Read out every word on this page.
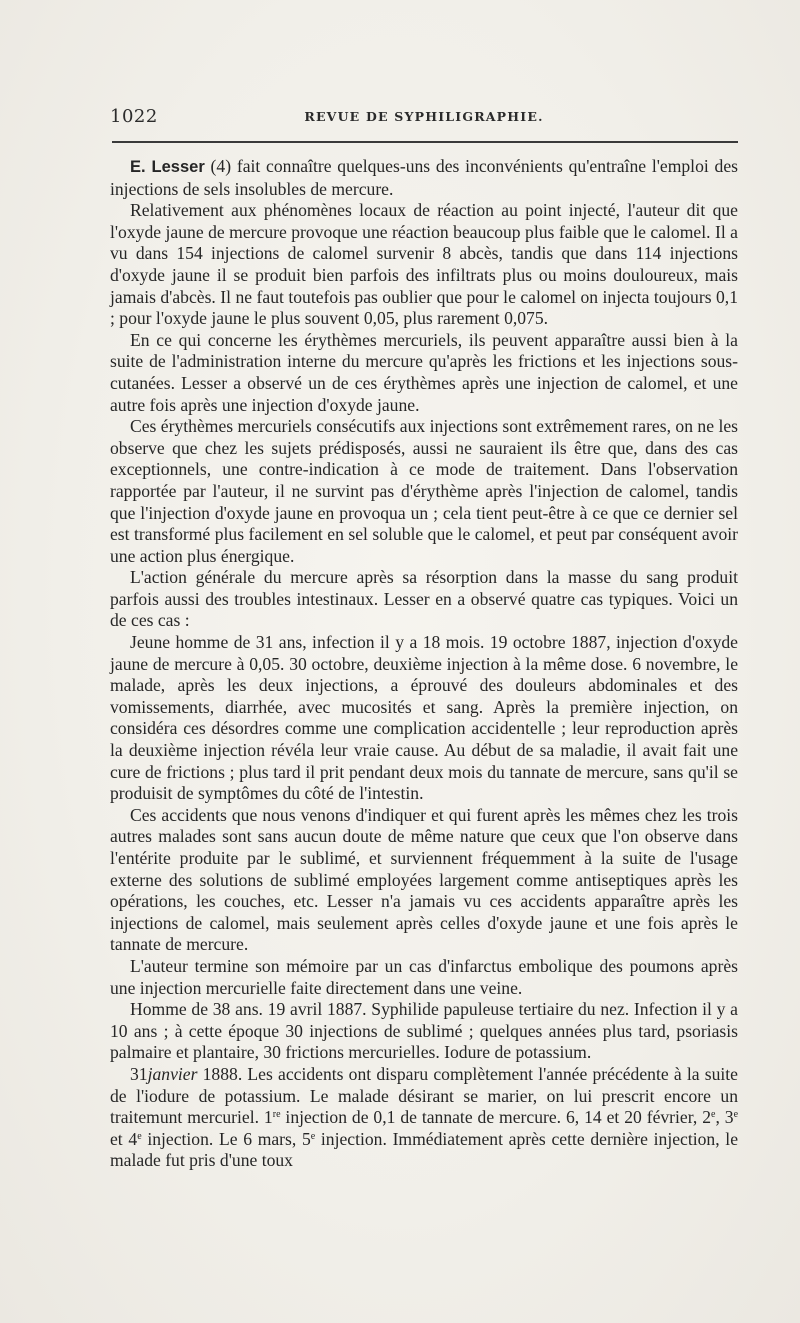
1022	REVUE DE SYPHILIGRAPHIE.

E. Lesser (4) fait connaître quelques-uns des inconvénients qu'entraîne l'emploi des injections de sels insolubles de mercure.

Relativement aux phénomènes locaux de réaction au point injecté, l'auteur dit que l'oxyde jaune de mercure provoque une réaction beaucoup plus faible que le calomel. Il a vu dans 154 injections de calomel survenir 8 abcès, tandis que dans 114 injections d'oxyde jaune il se produit bien parfois des infiltrats plus ou moins douloureux, mais jamais d'abcès. Il ne faut toutefois pas oublier que pour le calomel on injecta toujours 0,1 ; pour l'oxyde jaune le plus souvent 0,05, plus rarement 0,075.

En ce qui concerne les érythèmes mercuriels, ils peuvent apparaître aussi bien à la suite de l'administration interne du mercure qu'après les frictions et les injections sous-cutanées. Lesser a observé un de ces érythèmes après une injection de calomel, et une autre fois après une injection d'oxyde jaune.

Ces érythèmes mercuriels consécutifs aux injections sont extrêmement rares, on ne les observe que chez les sujets prédisposés, aussi ne sauraient ils être que, dans des cas exceptionnels, une contre-indication à ce mode de traitement. Dans l'observation rapportée par l'auteur, il ne survint pas d'érythème après l'injection de calomel, tandis que l'injection d'oxyde jaune en provoqua un ; cela tient peut-être à ce que ce dernier sel est transformé plus facilement en sel soluble que le calomel, et peut par conséquent avoir une action plus énergique.

L'action générale du mercure après sa résorption dans la masse du sang produit parfois aussi des troubles intestinaux. Lesser en a observé quatre cas typiques. Voici un de ces cas :

Jeune homme de 31 ans, infection il y a 18 mois. 19 octobre 1887, injection d'oxyde jaune de mercure à 0,05. 30 octobre, deuxième injection à la même dose. 6 novembre, le malade, après les deux injections, a éprouvé des douleurs abdominales et des vomissements, diarrhée, avec mucosités et sang. Après la première injection, on considéra ces désordres comme une complication accidentelle ; leur reproduction après la deuxième injection révéla leur vraie cause. Au début de sa maladie, il avait fait une cure de frictions ; plus tard il prit pendant deux mois du tannate de mercure, sans qu'il se produisit de symptômes du côté de l'intestin.

Ces accidents que nous venons d'indiquer et qui furent après les mêmes chez les trois autres malades sont sans aucun doute de même nature que ceux que l'on observe dans l'entérite produite par le sublimé, et surviennent fréquemment à la suite de l'usage externe des solutions de sublimé employées largement comme antiseptiques après les opérations, les couches, etc. Lesser n'a jamais vu ces accidents apparaître après les injections de calomel, mais seulement après celles d'oxyde jaune et une fois après le tannate de mercure.

L'auteur termine son mémoire par un cas d'infarctus embolique des poumons après une injection mercurielle faite directement dans une veine.

Homme de 38 ans. 19 avril 1887. Syphilide papuleuse tertiaire du nez. Infection il y a 10 ans ; à cette époque 30 injections de sublimé ; quelques années plus tard, psoriasis palmaire et plantaire, 30 frictions mercurielles. Iodure de potassium.

31janvier 1888. Les accidents ont disparu complètement l'année précédente à la suite de l'iodure de potassium. Le malade désirant se marier, on lui prescrit encore un traitemunt mercuriel. 1re injection de 0,1 de tannate de mercure. 6, 14 et 20 février, 2e, 3e et 4e injection. Le 6 mars, 5e injection. Immédiatement après cette dernière injection, le malade fut pris d'une toux
